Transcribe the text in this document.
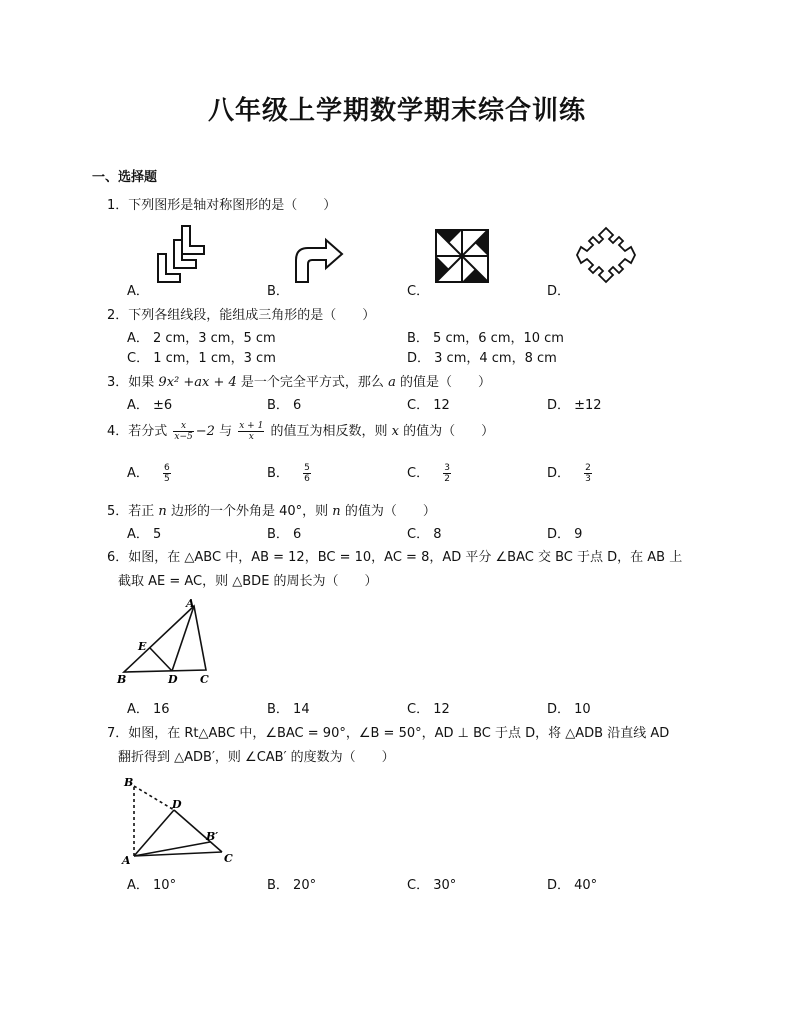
八年级上学期数学期末综合训练
一、选择题
1．下列图形是轴对称图形的是（　　）
A．	B．	C．	D．
2．下列各组线段，能组成三角形的是（　　）
A． 2 cm，3 cm，5 cm	B． 5 cm，6 cm，10 cm
C． 1 cm，1 cm，3 cm	D． 3 cm，4 cm，8 cm
3．如果 9x² +ax + 4 是一个完全平方式，那么 a 的值是（　　）
A． ±6	B． 6	C． 12	D． ±12
4．若分式 $\frac{x}{x-5} -2$ 与 $\frac{x + 1}{x}$ 的值互为相反数，则 x 的值为（　　）
A． $\frac{6}{5}$	B． $\frac{5}{6}$	C． $\frac{3}{2}$	D． $\frac{2}{3}$
5．若正 n 边形的一个外角是 40°，则 n 的值为（　　）
A． 5	B． 6	C． 8	D． 9
6．如图，在 △ABC 中，AB = 12，BC = 10，AC = 8，AD 平分 ∠BAC 交 BC 于点 D，在 AB 上
截取 AE = AC，则 △BDE 的周长为（　　）
A
E
B	D C
A． 16	B． 14	C． 12	D． 10
7．如图，在 Rt△ABC 中，∠BAC = 90°，∠B = 50°，AD ⊥ BC 于点 D，将 △ADB 沿直线 AD
翻折得到 △ADB′，则 ∠CAB′ 的度数为（　　）
B
D
B′
A	C
A． 10°	B． 20°	C． 30°	D． 40°
